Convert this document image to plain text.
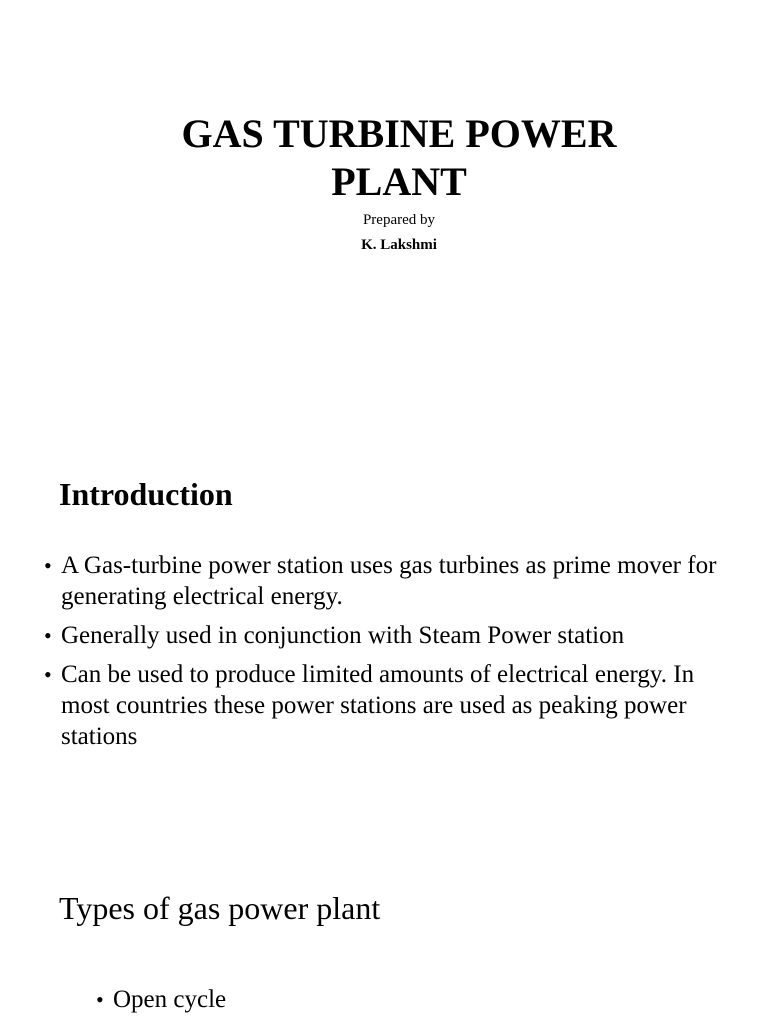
GAS TURBINE POWER
PLANT
Prepared by
K. Lakshmi
Introduction
• A Gas-turbine power station uses gas turbines as prime mover for generating electrical energy.
• Generally used in conjunction with Steam Power station
• Can be used to produce limited amounts of electrical energy. In most countries these power stations are used as peaking power stations
Types of gas power plant
• Open cycle
